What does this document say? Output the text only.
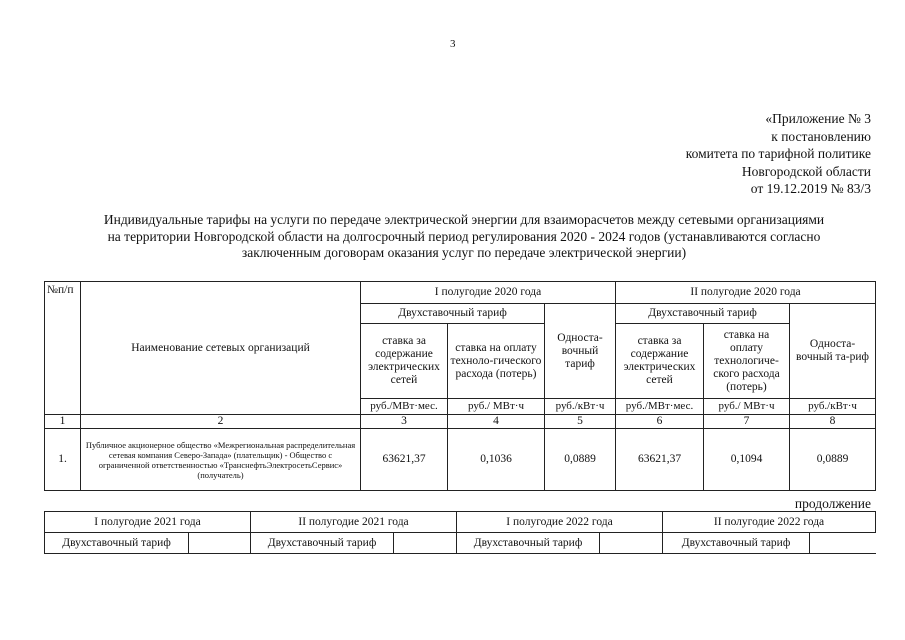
3
«Приложение № 3
к постановлению
комитета по тарифной политике
Новгородской области
от 19.12.2019 № 83/3
Индивидуальные тарифы на услуги по передаче электрической энергии для взаиморасчетов между сетевыми организациями
на территории Новгородской области на долгосрочный период регулирования 2020 - 2024 годов (устанавливаются согласно
заключенным договорам оказания услуг по передаче электрической энергии)
№п/п	Наименование сетевых организаций	I полугодие 2020 года			II полугодие 2020 года		
		Двухставочный тариф		Односта-вочный тариф	Двухставочный тариф		Односта-вочный та-риф
		ставка за содержание электрических сетей	ставка на оплату техноло-гического расхода (потерь)		ставка за содержание электрических сетей	ставка на оплату технологиче-ского расхода (потерь)	
		руб./МВт·мес.	руб./ МВт·ч	руб./кВт·ч	руб./МВт·мес.	руб./ МВт·ч	руб./кВт·ч
1	2	3	4	5	6	7	8
1.	Публичное акционерное общество «Межрегиональная распределительная сетевая компания Северо-Запада» (плательщик) - Общество с ограниченной ответственностью «ТранснефтьЭлектросетьСервис» (получатель)	63621,37	0,1036	0,0889	63621,37	0,1094	0,0889
продолжение
I полугодие 2021 года		II полугодие 2021 года		I полугодие 2022 года		II полугодие 2022 года	
Двухставочный тариф		Двухставочный тариф		Двухставочный тариф		Двухставочный тариф	
